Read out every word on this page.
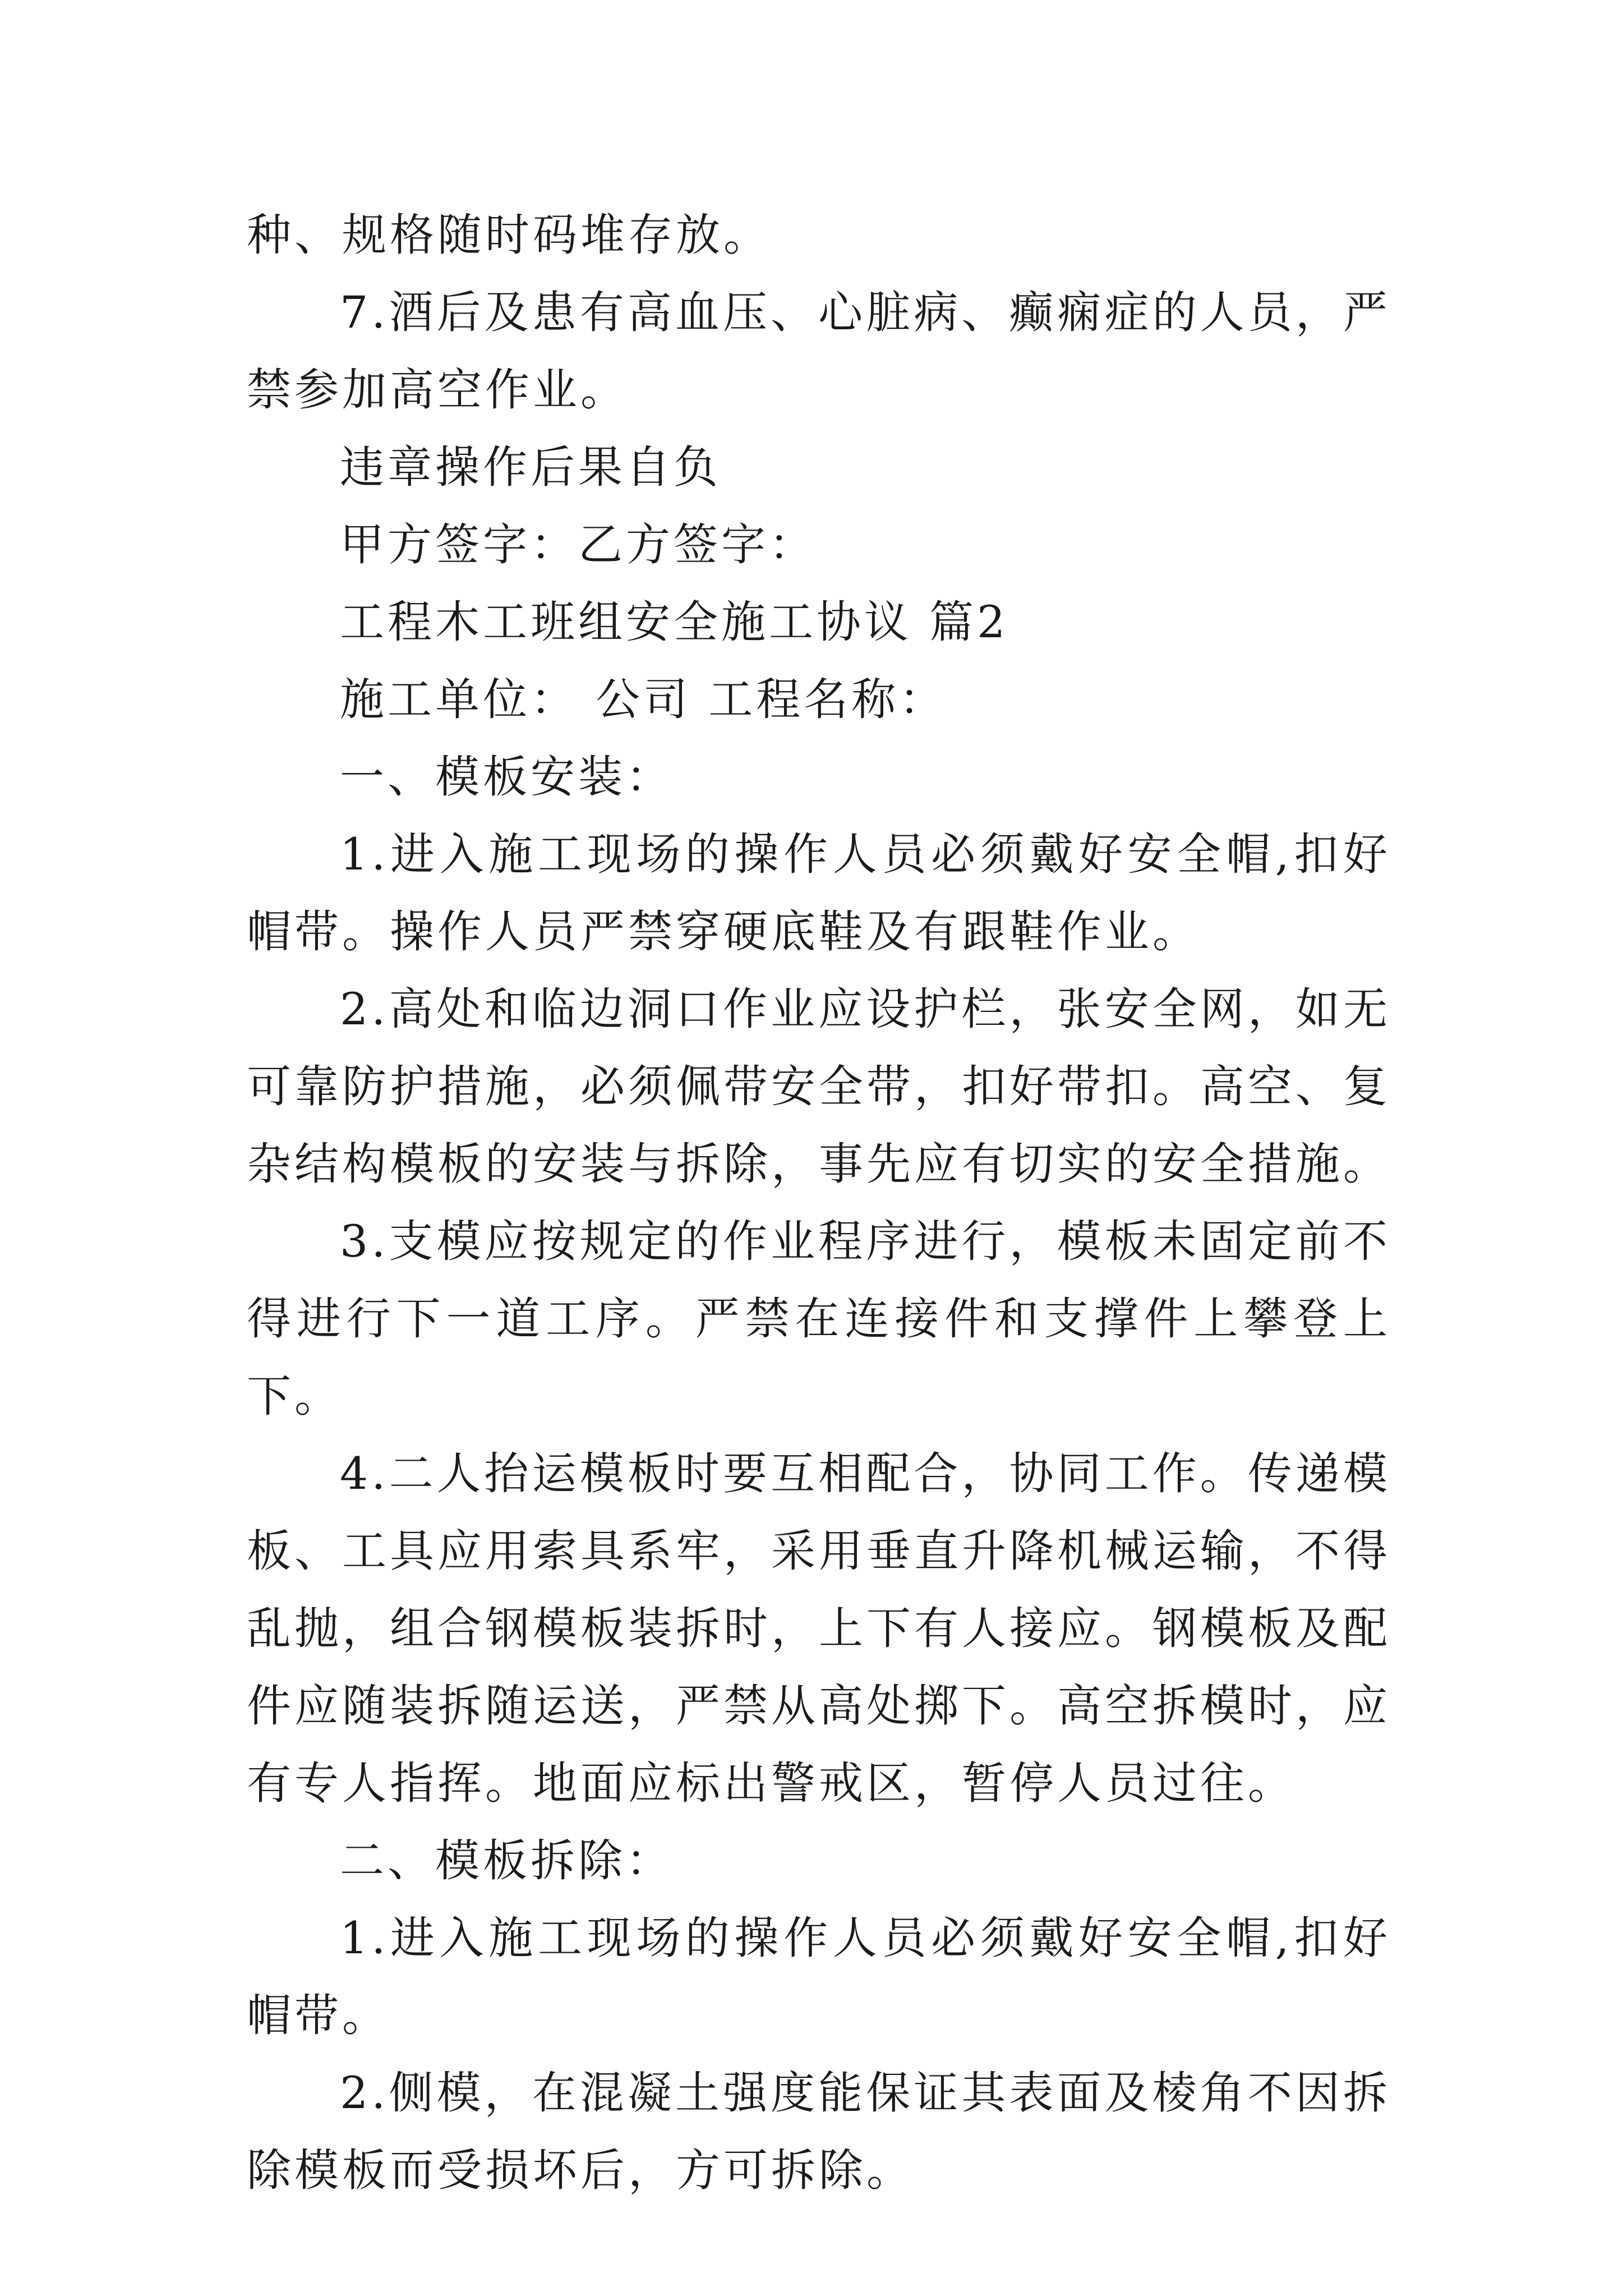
种、规格随时码堆存放。

7.酒后及患有高血压、心脏病、癫痫症的人员，严禁参加高空作业。

违章操作后果自负

甲方签字：乙方签字：

工程木工班组安全施工协议 篇2

施工单位： 公司 工程名称：

一、模板安装：

1.进入施工现场的操作人员必须戴好安全帽,扣好帽带。操作人员严禁穿硬底鞋及有跟鞋作业。

2.高处和临边洞口作业应设护栏，张安全网，如无可靠防护措施，必须佩带安全带，扣好带扣。高空、复杂结构模板的安装与拆除，事先应有切实的安全措施。

3.支模应按规定的作业程序进行，模板未固定前不得进行下一道工序。严禁在连接件和支撑件上攀登上下。

4.二人抬运模板时要互相配合，协同工作。传递模板、工具应用索具系牢，采用垂直升降机械运输，不得乱抛，组合钢模板装拆时，上下有人接应。钢模板及配件应随装拆随运送，严禁从高处掷下。高空拆模时，应有专人指挥。地面应标出警戒区，暂停人员过往。

二、模板拆除：

1.进入施工现场的操作人员必须戴好安全帽,扣好帽带。

2.侧模，在混凝土强度能保证其表面及棱角不因拆除模板而受损坏后，方可拆除。
